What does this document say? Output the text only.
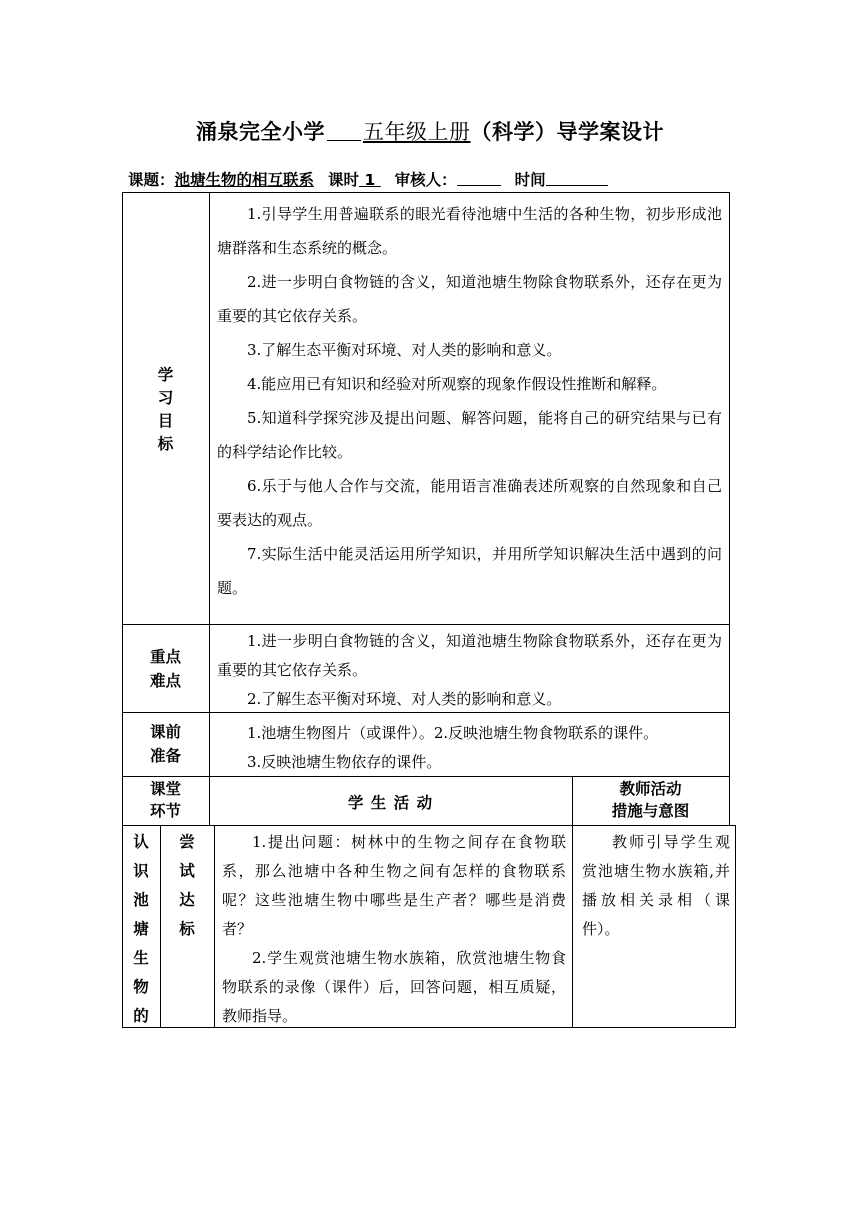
涌泉完全小学 五年级上册（科学）导学案设计
课题：池塘生物的相互联系 课时 1 审核人：	时间
学
习
目
标

1.引导学生用普遍联系的眼光看待池塘中生活的各种生物，初步形成池塘群落和生态系统的概念。

2.进一步明白食物链的含义，知道池塘生物除食物联系外，还存在更为重要的其它依存关系。

3.了解生态平衡对环境、对人类的影响和意义。

4.能应用已有知识和经验对所观察的现象作假设性推断和解释。

5.知道科学探究涉及提出问题、解答问题，能将自己的研究结果与已有的科学结论作比较。

6.乐于与他人合作与交流，能用语言准确表述所观察的自然现象和自己要表达的观点。

7.实际生活中能灵活运用所学知识，并用所学知识解决生活中遇到的问题。

重点
难点

1.进一步明白食物链的含义，知道池塘生物除食物联系外，还存在更为重要的其它依存关系。

2.了解生态平衡对环境、对人类的影响和意义。

课前
准备

1.池塘生物图片（或课件）。2.反映池塘生物食物联系的课件。

3.反映池塘生物依存的课件。

课堂
环节	学 生 活 动
教师活动
措施与意图
认
识
池
塘
生
物
的
尝
试
达
标

1.提出问题：树林中的生物之间存在食物联系，那么池塘中各种生物之间有怎样的食物联系呢？这些池塘生物中哪些是生产者？哪些是消费者？

2.学生观赏池塘生物水族箱，欣赏池塘生物食物联系的录像（课件）后，回答问题，相互质疑，教师指导。

教师引导学生观赏池塘生物水族箱,并播放相关录相（课件）。
